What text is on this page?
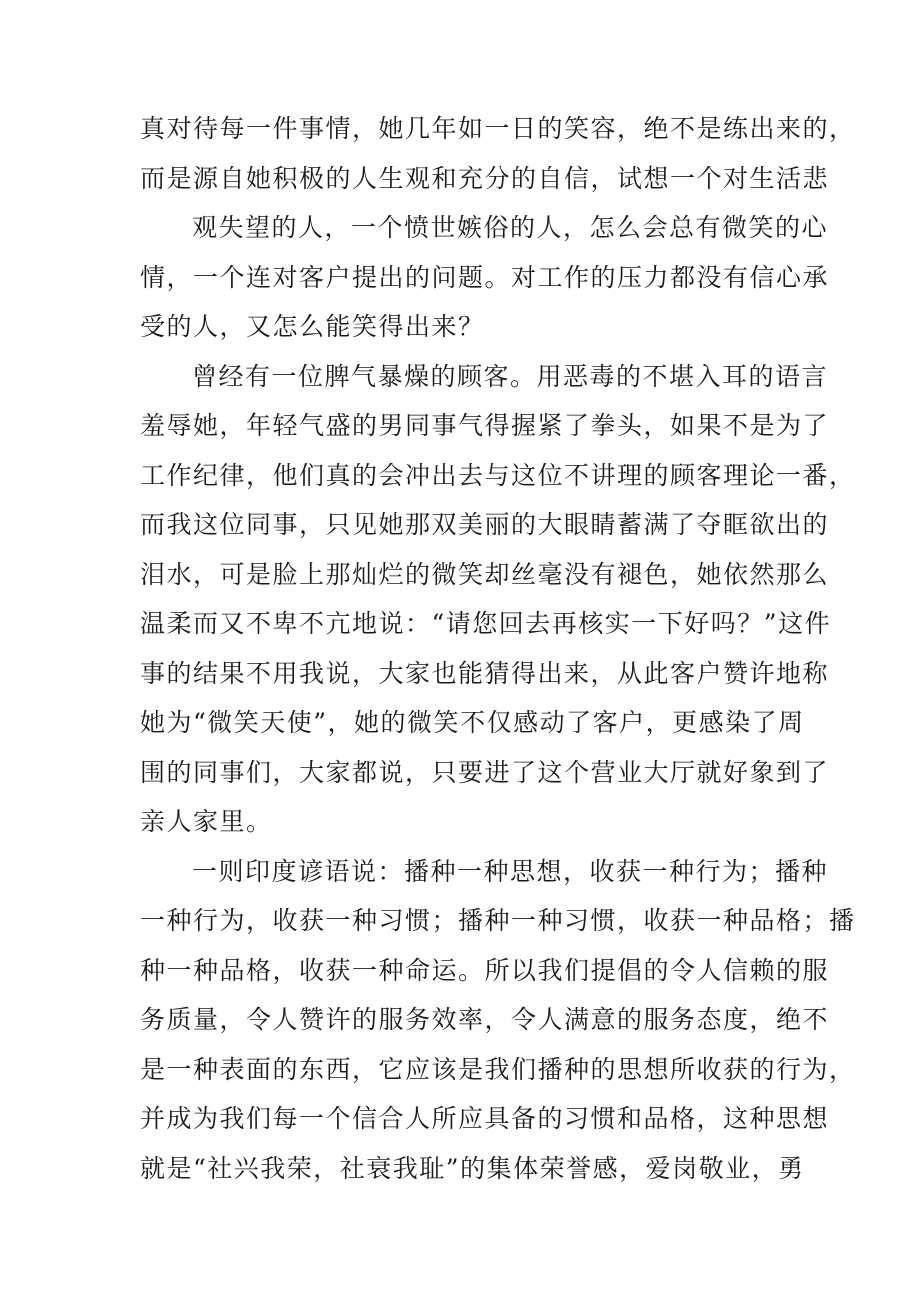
真对待每一件事情，她几年如一日的笑容，绝不是练出来的，
而是源自她积极的人生观和充分的自信，试想一个对生活悲
观失望的人，一个愤世嫉俗的人，怎么会总有微笑的心
情，一个连对客户提出的问题。对工作的压力都没有信心承
受的人，又怎么能笑得出来？
曾经有一位脾气暴燥的顾客。用恶毒的不堪入耳的语言
羞辱她，年轻气盛的男同事气得握紧了拳头，如果不是为了
工作纪律，他们真的会冲出去与这位不讲理的顾客理论一番，
而我这位同事，只见她那双美丽的大眼睛蓄满了夺眶欲出的
泪水，可是脸上那灿烂的微笑却丝毫没有褪色，她依然那么
温柔而又不卑不亢地说：“请您回去再核实一下好吗？”这件
事的结果不用我说，大家也能猜得出来，从此客户赞许地称
她为“微笑天使”，她的微笑不仅感动了客户，更感染了周
围的同事们，大家都说，只要进了这个营业大厅就好象到了
亲人家里。
一则印度谚语说：播种一种思想，收获一种行为；播种
一种行为，收获一种习惯；播种一种习惯，收获一种品格；播
种一种品格，收获一种命运。所以我们提倡的令人信赖的服
务质量，令人赞许的服务效率，令人满意的服务态度，绝不
是一种表面的东西，它应该是我们播种的思想所收获的行为，
并成为我们每一个信合人所应具备的习惯和品格，这种思想
就是“社兴我荣，社衰我耻”的集体荣誉感，爱岗敬业，勇
